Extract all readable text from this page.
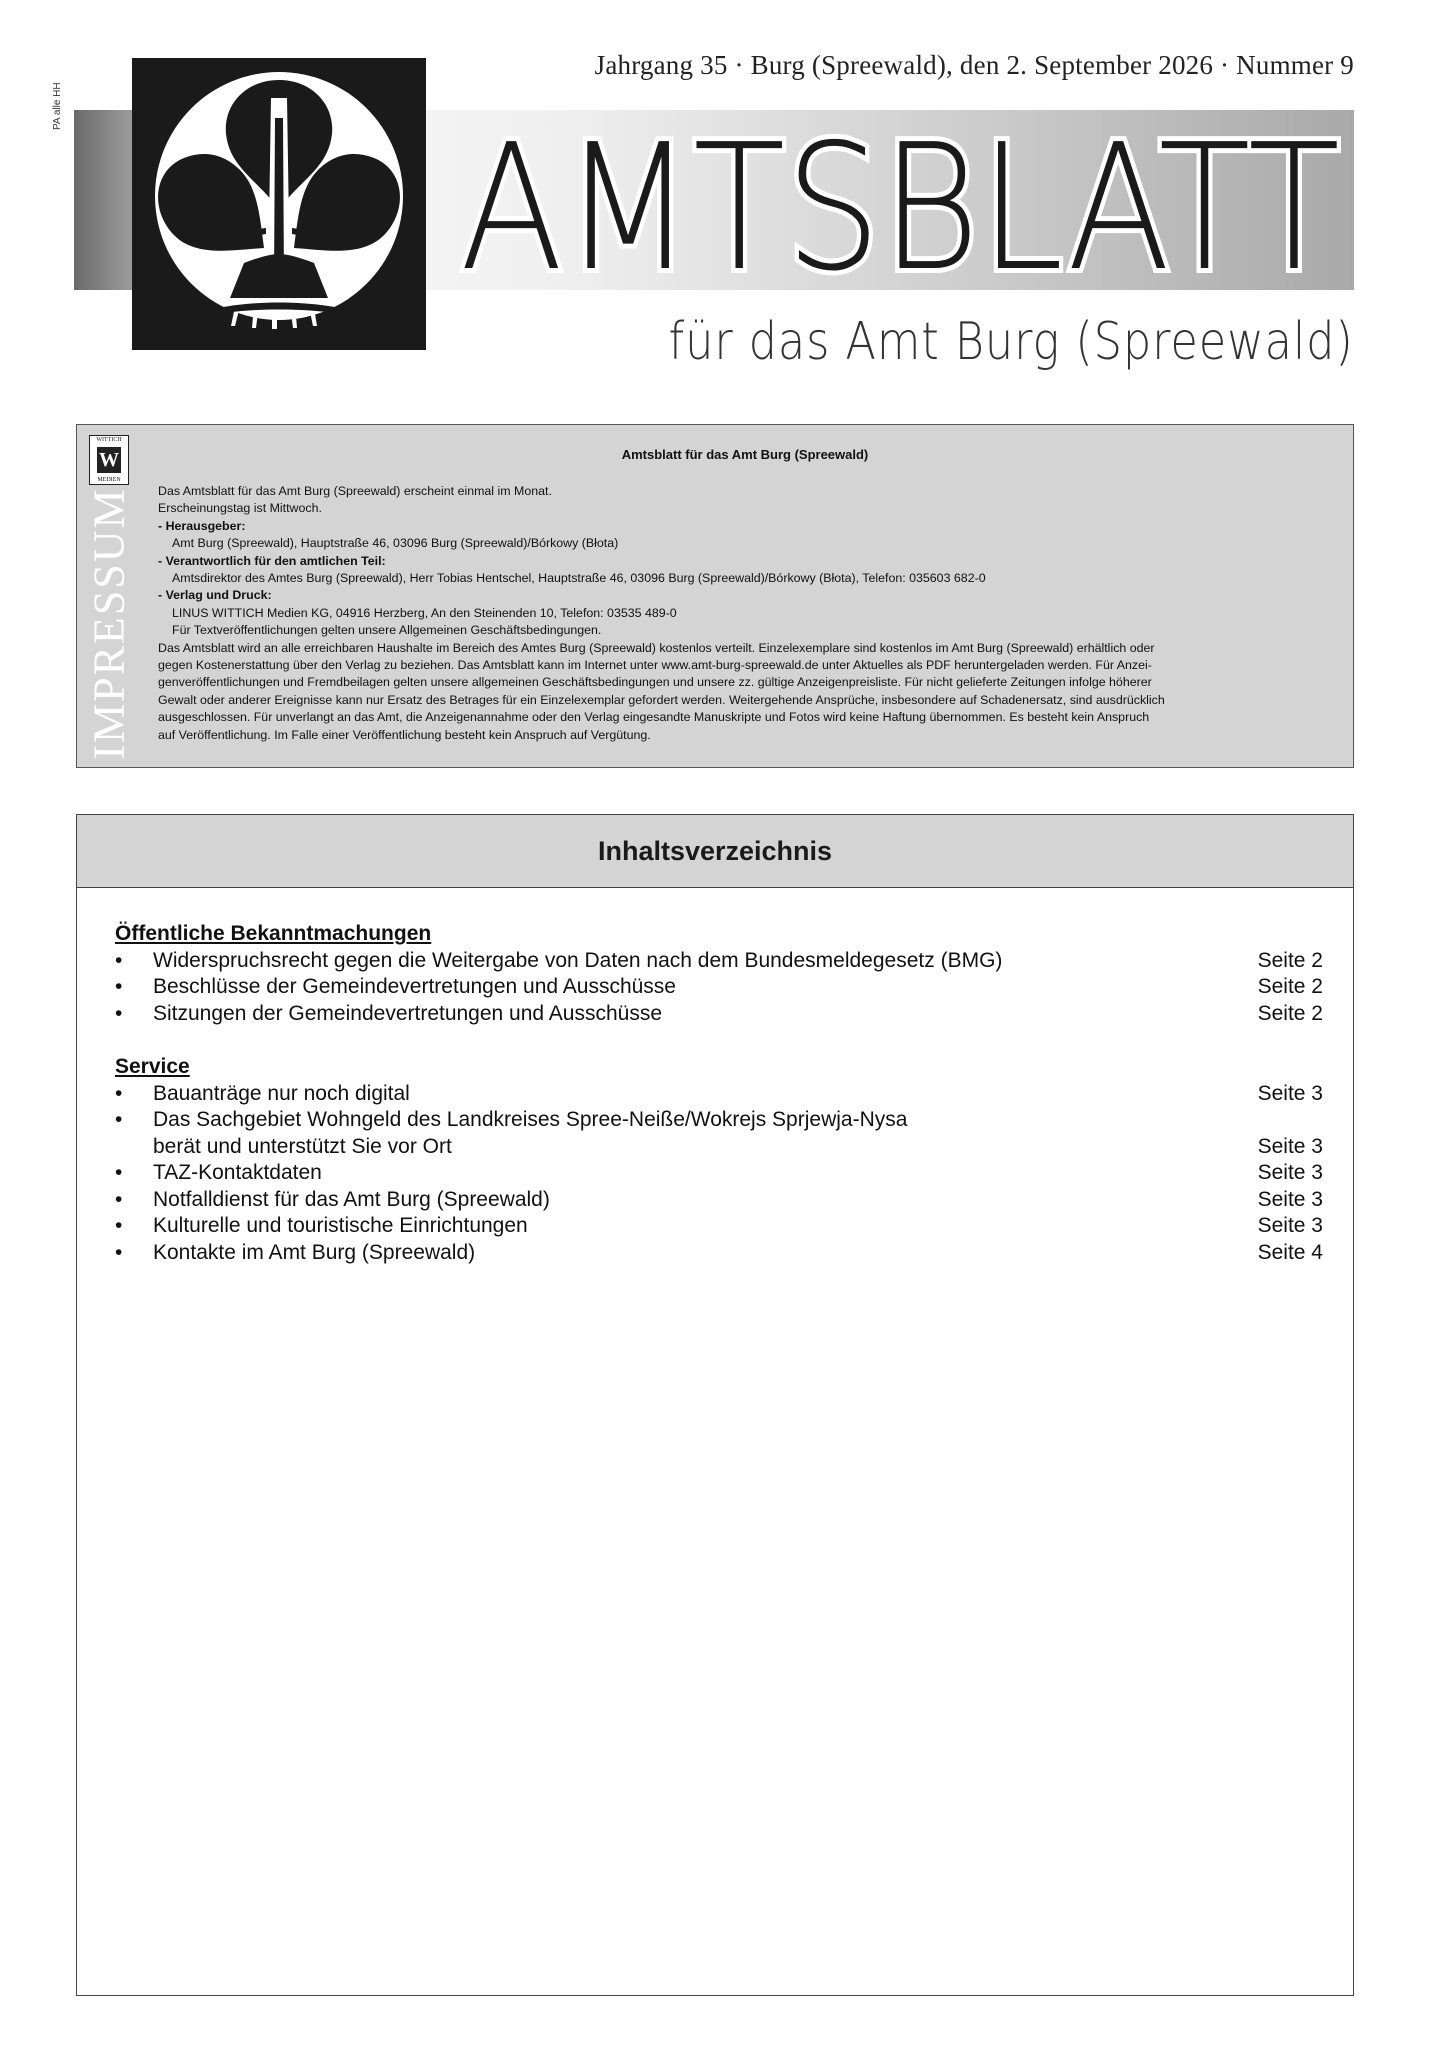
PA alle HH
Jahrgang 35 · Burg (Spreewald), den 2. September 2026 · Nummer 9
AMTSBLATT
AMTSBLATT
für das Amt Burg (Spreewald)
WITTICH
W
MEDIEN
IMPRESSUM
Amtsblatt für das Amt Burg (Spreewald)

Das Amtsblatt für das Amt Burg (Spreewald) erscheint einmal im Monat.

Erscheinungstag ist Mittwoch.

- Herausgeber:

Amt Burg (Spreewald), Hauptstraße 46, 03096 Burg (Spreewald)/Bórkowy (Błota)

- Verantwortlich für den amtlichen Teil:

Amtsdirektor des Amtes Burg (Spreewald), Herr Tobias Hentschel, Hauptstraße 46, 03096 Burg (Spreewald)/Bórkowy (Błota), Telefon: 035603 682-0

- Verlag und Druck:

LINUS WITTICH Medien KG, 04916 Herzberg, An den Steinenden 10, Telefon: 03535 489-0

Für Textveröffentlichungen gelten unsere Allgemeinen Geschäftsbedingungen.

Das Amtsblatt wird an alle erreichbaren Haushalte im Bereich des Amtes Burg (Spreewald) kostenlos verteilt. Einzelexemplare sind kostenlos im Amt Burg (Spreewald) erhältlich oder

gegen Kostenerstattung über den Verlag zu beziehen. Das Amtsblatt kann im Internet unter www.amt-burg-spreewald.de unter Aktuelles als PDF heruntergeladen werden. Für Anzei-

genveröffentlichungen und Fremdbeilagen gelten unsere allgemeinen Geschäftsbedingungen und unsere zz. gültige Anzeigenpreisliste. Für nicht gelieferte Zeitungen infolge höherer

Gewalt oder anderer Ereignisse kann nur Ersatz des Betrages für ein Einzelexemplar gefordert werden. Weitergehende Ansprüche, insbesondere auf Schadenersatz, sind ausdrücklich

ausgeschlossen. Für unverlangt an das Amt, die Anzeigenannahme oder den Verlag eingesandte Manuskripte und Fotos wird keine Haftung übernommen. Es besteht kein Anspruch

auf Veröffentlichung. Im Falle einer Veröffentlichung besteht kein Anspruch auf Vergütung.

Inhaltsverzeichnis
Öffentliche Bekanntmachungen
•	Widerspruchsrecht gegen die Weitergabe von Daten nach dem Bundesmeldegesetz (BMG)	Seite 2
•	Beschlüsse der Gemeindevertretungen und Ausschüsse	Seite 2
•	Sitzungen der Gemeindevertretungen und Ausschüsse	Seite 2
Service
•	Bauanträge nur noch digital	Seite 3
•	Das Sachgebiet Wohngeld des Landkreises Spree-Neiße/Wokrejs Sprjewja-Nysa
berät und unterstützt Sie vor Ort	Seite 3
•	TAZ-Kontaktdaten	Seite 3
•	Notfalldienst für das Amt Burg (Spreewald)	Seite 3
•	Kulturelle und touristische Einrichtungen	Seite 3
•	Kontakte im Amt Burg (Spreewald)	Seite 4
